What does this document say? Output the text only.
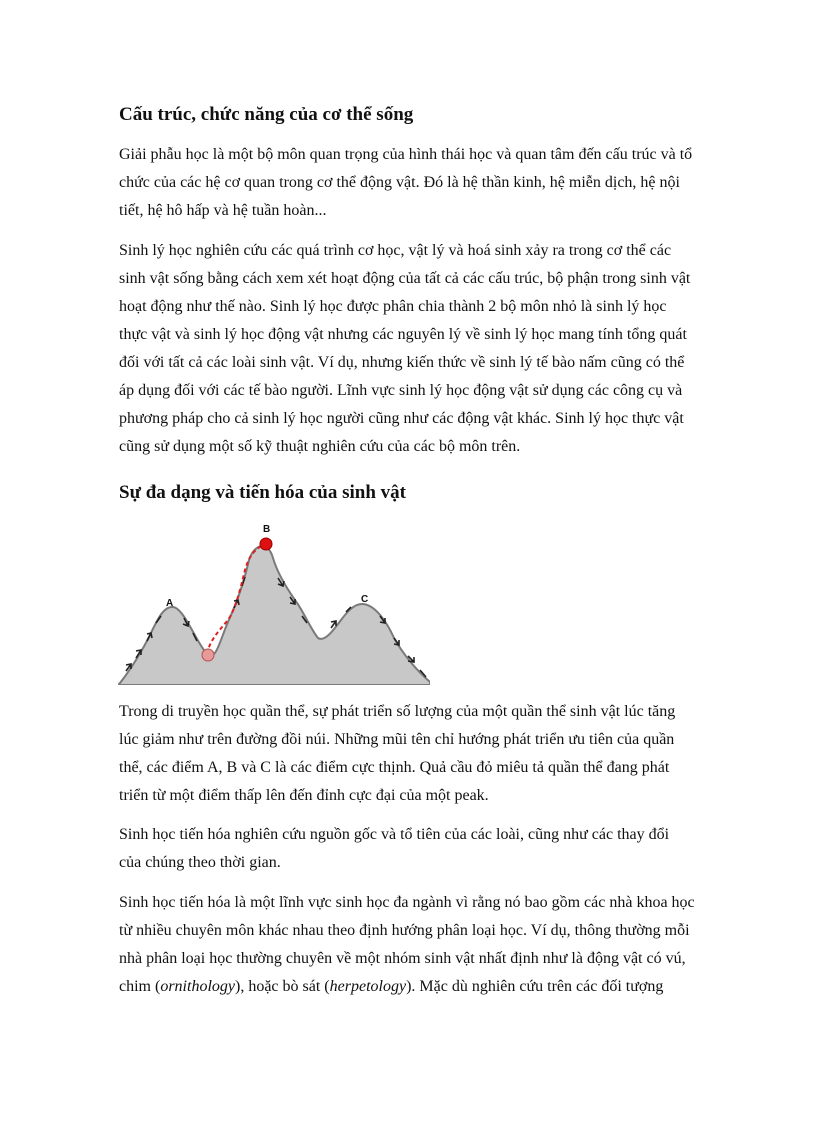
Cấu trúc, chức năng của cơ thể sống

Giải phẫu học là một bộ môn quan trọng của hình thái học và quan tâm đến cấu trúc và tổ
chức của các hệ cơ quan trong cơ thể động vật. Đó là hệ thần kinh, hệ miễn dịch, hệ nội
tiết, hệ hô hấp và hệ tuần hoàn...

Sinh lý học nghiên cứu các quá trình cơ học, vật lý và hoá sinh xảy ra trong cơ thể các
sinh vật sống bằng cách xem xét hoạt động của tất cả các cấu trúc, bộ phận trong sinh vật
hoạt động như thế nào. Sinh lý học được phân chia thành 2 bộ môn nhỏ là sinh lý học
thực vật và sinh lý học động vật nhưng các nguyên lý về sinh lý học mang tính tổng quát
đối với tất cả các loài sinh vật. Ví dụ, nhưng kiến thức về sinh lý tế bào nấm cũng có thể
áp dụng đối với các tế bào người. Lĩnh vực sinh lý học động vật sử dụng các công cụ và
phương pháp cho cả sinh lý học người cũng như các động vật khác. Sinh lý học thực vật
cũng sử dụng một số kỹ thuật nghiên cứu của các bộ môn trên.

Sự đa dạng và tiến hóa của sinh vật
A
B
C

Trong di truyền học quần thể, sự phát triển số lượng của một quần thể sinh vật lúc tăng
lúc giảm như trên đường đồi núi. Những mũi tên chỉ hướng phát triển ưu tiên của quần
thể, các điểm A, B và C là các điểm cực thịnh. Quả cầu đỏ miêu tả quần thể đang phát
triển từ một điểm thấp lên đến đỉnh cực đại của một peak.

Sinh học tiến hóa nghiên cứu nguồn gốc và tổ tiên của các loài, cũng như các thay đổi
của chúng theo thời gian.

Sinh học tiến hóa là một lĩnh vực sinh học đa ngành vì rằng nó bao gồm các nhà khoa học
từ nhiều chuyên môn khác nhau theo định hướng phân loại học. Ví dụ, thông thường mỗi
nhà phân loại học thường chuyên về một nhóm sinh vật nhất định như là động vật có vú,
chim (ornithology), hoặc bò sát (herpetology). Mặc dù nghiên cứu trên các đối tượng
